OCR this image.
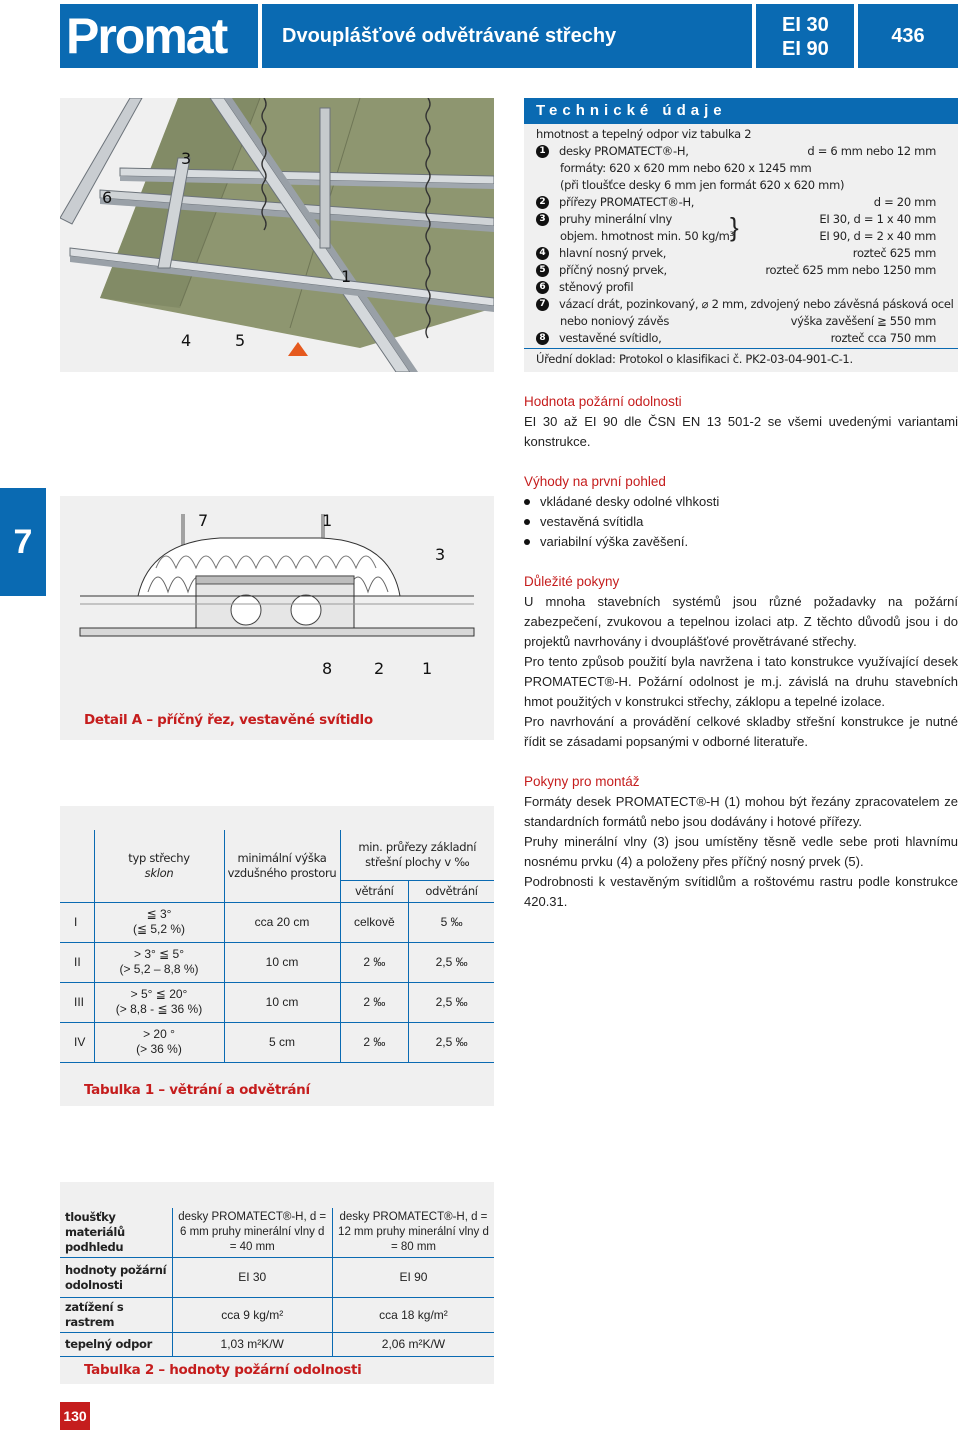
Promat	Dvouplášťové odvětrávané střechy	EI 30
EI 90
436
6
3
1
4	5
Technické údaje
hmotnost a tepelný odpor viz tabulka 2
1 desky PROMATECT®-H,	d = 6 mm nebo 12 mm
formáty: 620 x 620 mm nebo 620 x 1245 mm
(při tloušťce desky 6 mm jen formát 620 x 620 mm)
2 přířezy PROMATECT®-H,	d = 20 mm
3 pruhy minerální vlny	EI 30, d = 1 x 40 mm
objem. hmotnost min. 50 kg/m³	EI 90, d = 2 x 40 mm
}
4 hlavní nosný prvek,	rozteč 625 mm
5 příčný nosný prvek,	rozteč 625 mm nebo 1250 mm
6 stěnový profil
7 vázací drát, pozinkovaný, ⌀ 2 mm, zdvojený nebo závěsná pásková ocel
nebo noniový závěs	výška zavěšení ≧ 550 mm
8 vestavěné svítidlo,	rozteč cca 750 mm
Úřední doklad: Protokol o klasifikaci č. PK2-03-04-901-C-1.
Hodnota požární odolnosti

EI 30 až EI 90 dle ČSN EN 13 501-2 se všemi uvedenými variantami konstrukce.

Výhody na první pohled
vkládané desky odolné vlhkosti
vestavěná svítidla
variabilní výška zavěšení.
Důležité pokyny

U mnoha stavebních systémů jsou různé požadavky na požární zabezpečení, zvukovou a tepelnou izolaci atp. Z těchto důvodů jsou i do projektů navrhovány i dvouplášťové provětrávané střechy.

Pro tento způsob použití byla navržena i tato konstrukce využívající desek PROMATECT®-H. Požární odolnost je m.j. závislá na druhu stavebních hmot použitých v konstrukci střechy, záklopu a tepelné izolace.

Pro navrhování a provádění celkové skladby střešní konstrukce je nutné řídit se zásadami popsanými v odborné literatuře.

Pokyny pro montáž

Formáty desek PROMATECT®-H (1) mohou být řezány zpracovatelem ze standardních formátů nebo jsou dodávány i hotové přířezy.

Pruhy minerální vlny (3) jsou umístěny těsně vedle sebe proti hlavnímu nosnému prvku (4) a položeny přes příčný nosný prvek (5).

Podrobnosti k vestavěným svítidlům a roštovému rastru podle konstrukce 420.31.

7
7	1
3
8	2 1
Detail A – příčný řez, vestavěné svítidlo

	typ střechy
sklon	minimální výška vzdušného prostoru	min. průřezy základní střešní plochy v ‰	
			větrání	odvětrání
I	≦ 3°
(≦ 5,2 %)	cca 20 cm	celkově	5 ‰
II	> 3° ≦ 5°
(> 5,2 – 8,8 %)	10 cm	2 ‰	2,5 ‰
III	> 5° ≦ 20°
(> 8,8 - ≦ 36 %)	10 cm	2 ‰	2,5 ‰
IV	> 20 °
(> 36 %)	5 cm	2 ‰	2,5 ‰
Tabulka 1 – větrání a odvětrání
tloušťky materiálů podhledu	desky PROMATECT®-H, d = 6 mm pruhy minerální vlny d = 40 mm	desky PROMATECT®-H, d = 12 mm pruhy minerální vlny d = 80 mm
hodnoty požární odolnosti	EI 30	EI 90
zatížení s rastrem	cca 9 kg/m²	cca 18 kg/m²
tepelný odpor	1,03 m²K/W	2,06 m²K/W
Tabulka 2 – hodnoty požární odolnosti
130
